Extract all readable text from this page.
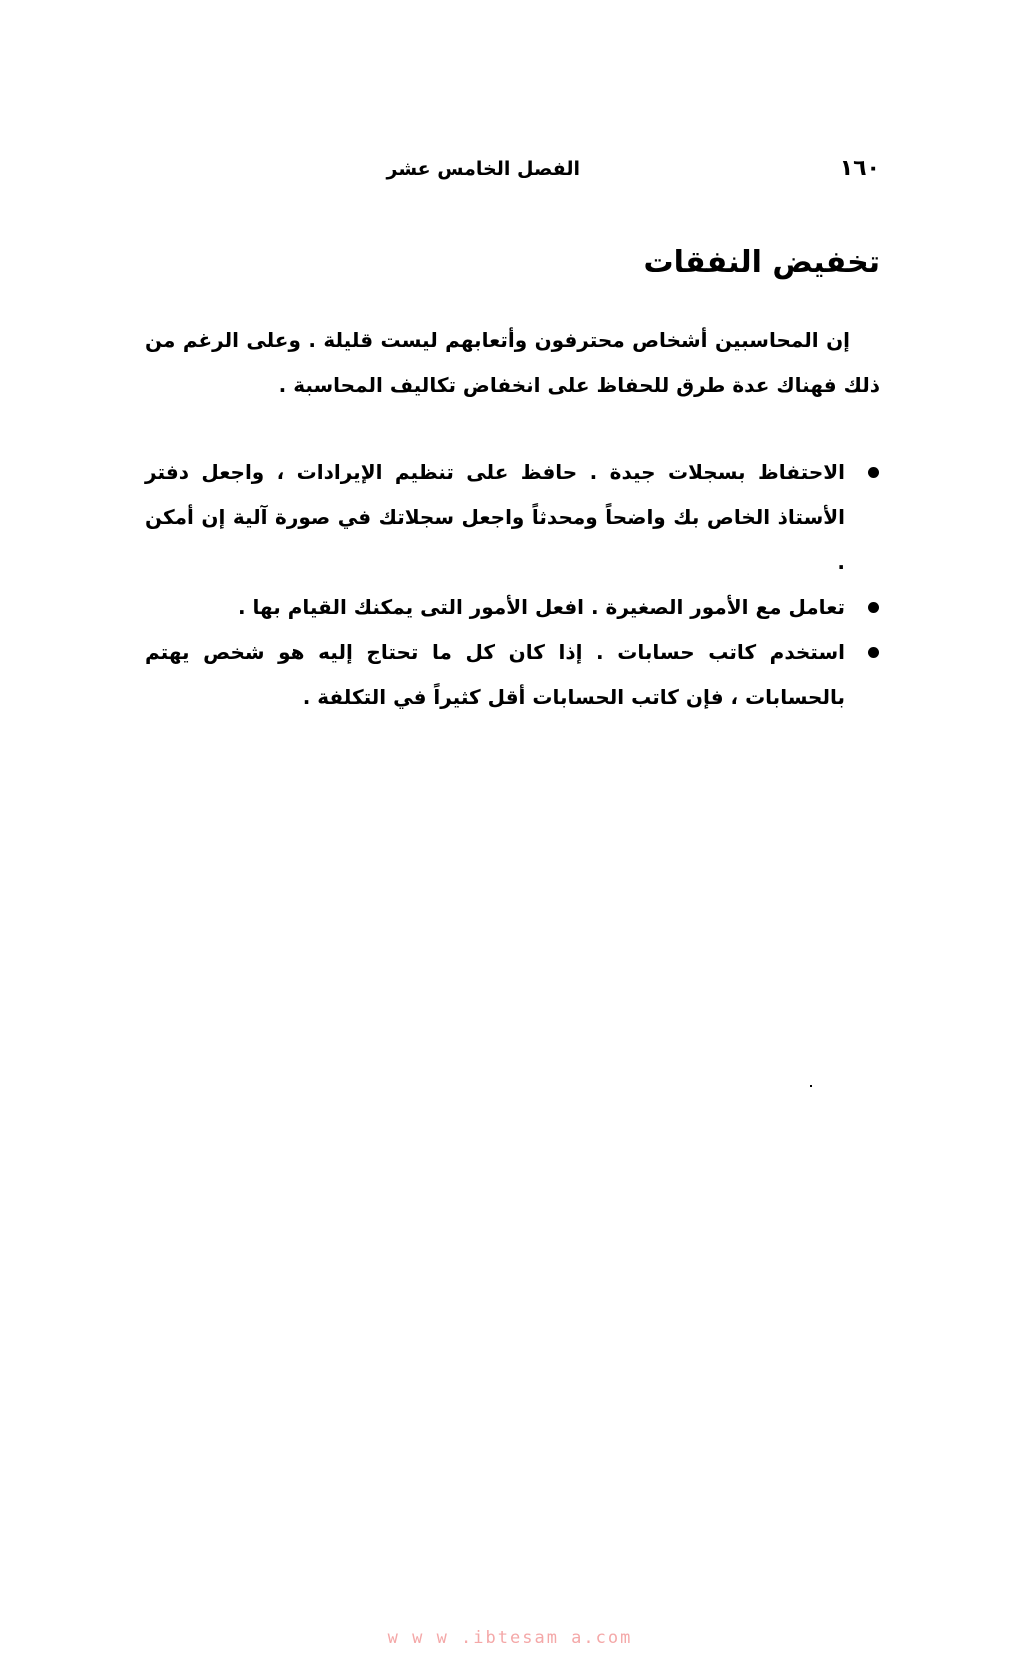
١٦٠
الفصل الخامس عشر
تخفيض النفقات

إن المحاسبين أشخاص محترفون وأتعابهم ليست قليلة . وعلى الرغم من ذلك فهناك عدة طرق للحفاظ على انخفاض تكاليف المحاسبة .

الاحتفاظ بسجلات جيدة . حافظ على تنظيم الإيرادات ، واجعل دفتر الأستاذ الخاص بك واضحاً ومحدثاً واجعل سجلاتك في صورة آلية إن أمكن .
تعامل مع الأمور الصغيرة . افعل الأمور التى يمكنك القيام بها .
استخدم كاتب حسابات . إذا كان كل ما تحتاج إليه هو شخص يهتم بالحسابات ، فإن كاتب الحسابات أقل كثيراً في التكلفة .
w w w .ibtesam a.com
